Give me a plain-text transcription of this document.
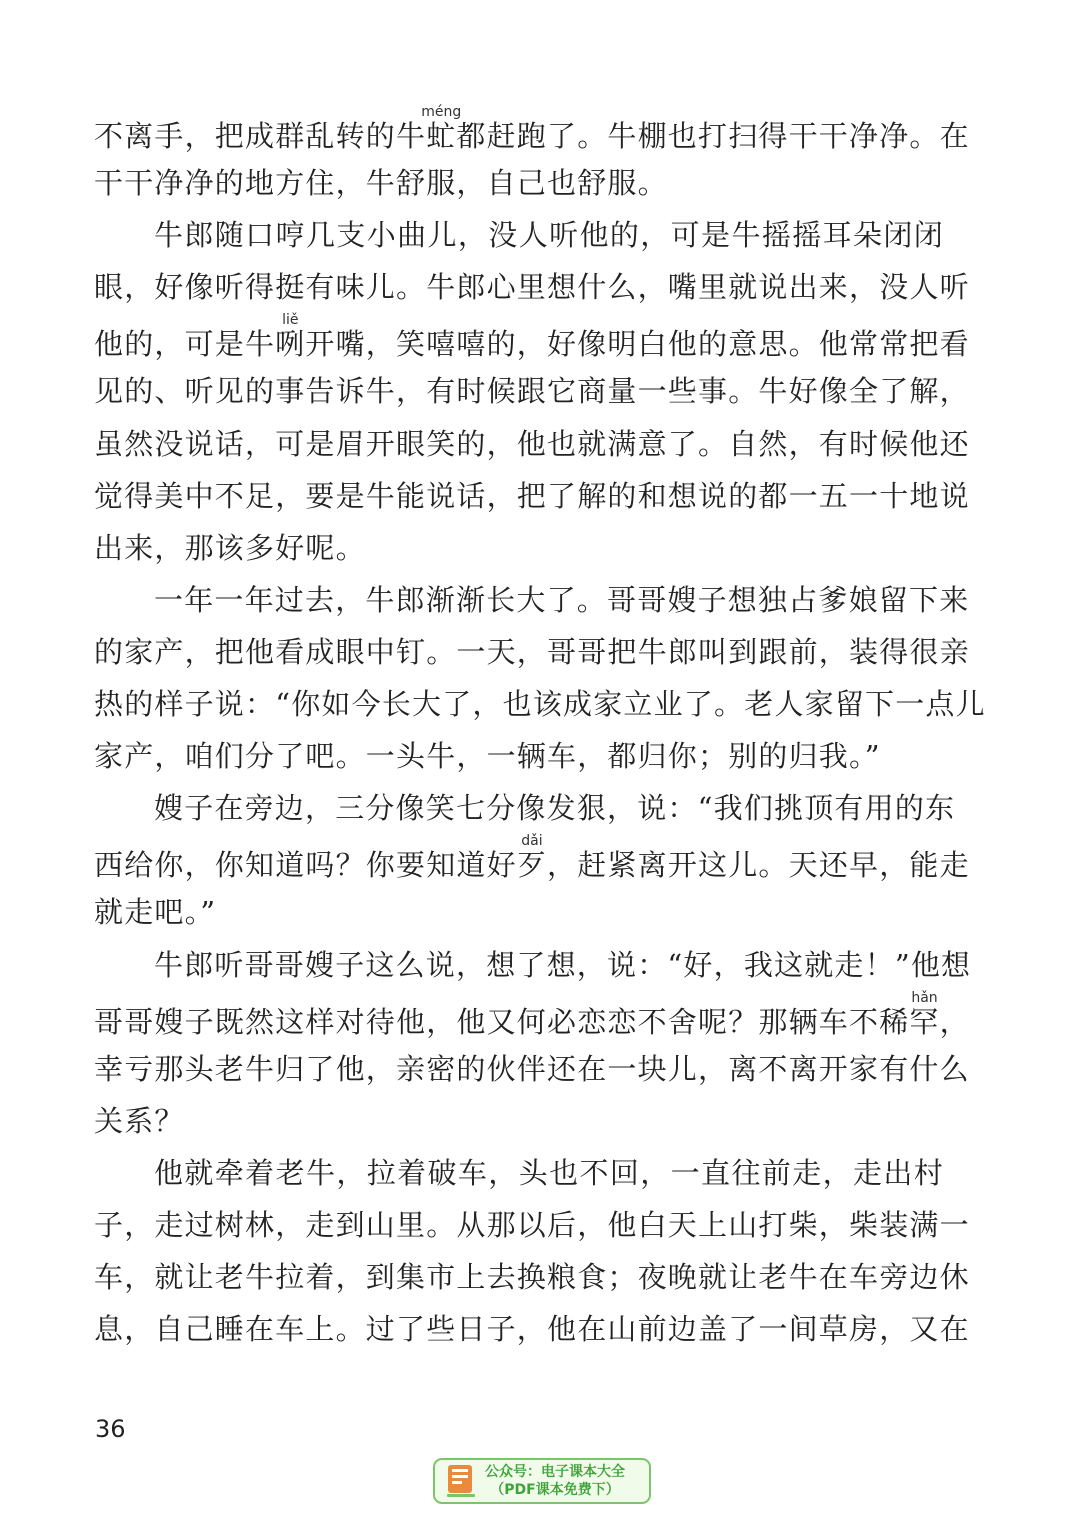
不离手，把成群乱转的牛虻méng都赶跑了。牛棚也打扫得干干净净。在
干干净净的地方住，牛舒服，自己也舒服。
牛郎随口哼几支小曲儿，没人听他的，可是牛摇摇耳朵闭闭
眼，好像听得挺有味儿。牛郎心里想什么，嘴里就说出来，没人听
他的，可是牛咧liě开嘴，笑嘻嘻的，好像明白他的意思。他常常把看
见的、听见的事告诉牛，有时候跟它商量一些事。牛好像全了解，
虽然没说话，可是眉开眼笑的，他也就满意了。自然，有时候他还
觉得美中不足，要是牛能说话，把了解的和想说的都一五一十地说
出来，那该多好呢。
一年一年过去，牛郎渐渐长大了。哥哥嫂子想独占爹娘留下来
的家产，把他看成眼中钉。一天，哥哥把牛郎叫到跟前，装得很亲
热的样子说：“你如今长大了，也该成家立业了。老人家留下一点儿
家产，咱们分了吧。一头牛，一辆车，都归你；别的归我。”
嫂子在旁边，三分像笑七分像发狠，说：“我们挑顶有用的东
西给你，你知道吗？你要知道好歹dǎi，赶紧离开这儿。天还早，能走
就走吧。”
牛郎听哥哥嫂子这么说，想了想，说：“好，我这就走！”他想
哥哥嫂子既然这样对待他，他又何必恋恋不舍呢？那辆车不稀罕hǎn，
幸亏那头老牛归了他，亲密的伙伴还在一块儿，离不离开家有什么
关系？
他就牵着老牛，拉着破车，头也不回，一直往前走，走出村
子，走过树林，走到山里。从那以后，他白天上山打柴，柴装满一
车，就让老牛拉着，到集市上去换粮食；夜晚就让老牛在车旁边休
息，自己睡在车上。过了些日子，他在山前边盖了一间草房，又在
36
公众号：电子课本大全
（PDF课本免费下）
